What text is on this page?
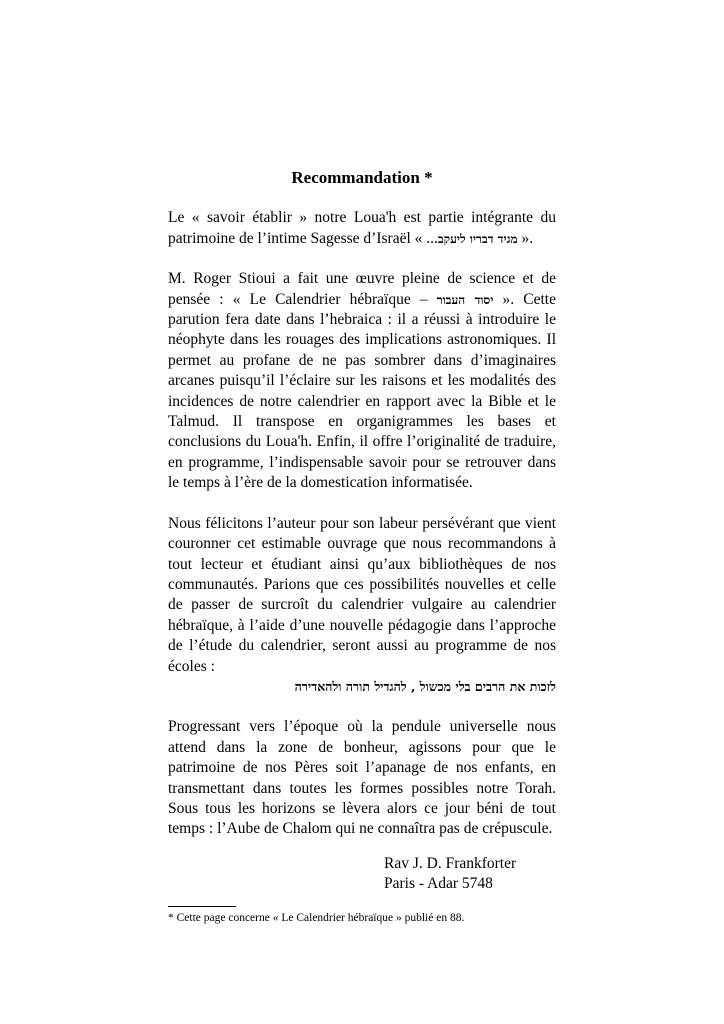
Recommandation *

Le « savoir établir » notre Loua'h est partie intégrante du patrimoine de l’intime Sagesse d’Israël « ...מגיד דבריו ליעקב ».

M. Roger Stioui a fait une œuvre pleine de science et de pensée : « Le Calendrier hébraïque – יסוד העבור ». Cette parution fera date dans l’hebraica : il a réussi à introduire le néophyte dans les rouages des implications astronomiques. Il permet au profane de ne pas sombrer dans d’imaginaires arcanes puisqu’il l’éclaire sur les raisons et les modalités des incidences de notre calendrier en rapport avec la Bible et le Talmud. Il transpose en organigrammes les bases et conclusions du Loua'h. Enfin, il offre l’originalité de traduire, en programme, l’indispensable savoir pour se retrouver dans le temps à l’ère de la domestication informatisée.

Nous félicitons l’auteur pour son labeur persévérant que vient couronner cet estimable ouvrage que nous recommandons à tout lecteur et étudiant ainsi qu’aux bibliothèques de nos communautés. Parions que ces possibilités nouvelles et celle de passer de surcroît du calendrier vulgaire au calendrier hébraïque, à l’aide d’une nouvelle pédagogie dans l’approche de l’étude du calendrier, seront aussi au programme de nos écoles :
לזכות את הרבים בלי מכשול , להגדיל תורה ולהאדירה

Progressant vers l’époque où la pendule universelle nous attend dans la zone de bonheur, agissons pour que le patrimoine de nos Pères soit l’apanage de nos enfants, en transmettant dans toutes les formes possibles notre Torah. Sous tous les horizons se lèvera alors ce jour béni de tout temps : l’Aube de Chalom qui ne connaîtra pas de crépuscule.

Rav J. D. Frankforter
Paris - Adar 5748

* Cette page concerne « Le Calendrier hébraïque » publié en 88.
